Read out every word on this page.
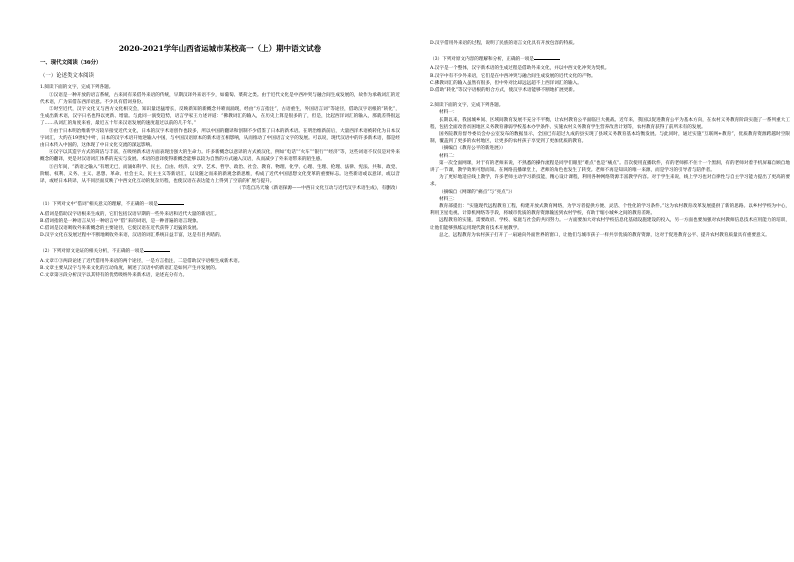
一、现代文阅读（36分）

（一）论述类文本阅读

1.阅读下面的文字，完成下列各题。

①汉语是一种开放的语言系统，古来同有采借外来语的传统，早期汉译外来语不少，如葡萄、菜荷之类。由于近代文化是中西冲突与融合间生成发展的，故作为承载词汇的近代术语，广为采借东西洋语意。不少具有借词身份。

②时至近代，汉字文化又与西方文化相交会，知识量迅猛增长，反映新知的新概念井喷而涌现，经由“方言指注”，古语重生，外国语言词“等途径，借助汉字语根的“转化”，生成出新术语，汉字日名也得以更新、增量。与此同一演变趋势，语言学家王力述评道：“佛教词汇的输入，在历史上算是很多的了，但是，比起西洋词汇的输入，那就差得很远了……从词汇的角度来看，最近五十年来汉语发展的速度超过以前的几千年。”

③由于日本明治维新学习较早接受近代文化，日本的汉字术语创作也较多，所以中国的翻译和创制不少借鉴了日本的新术语。在明治维新前后，大量西洋术语被转化为日本汉字词汇，大约在19世纪中叶，日本的汉字术语开始逆输入中国，与中国汉语原本的新术语互相影响，从而推动了中国语言文字的发展。可以说，现代汉语中的许多新术语，都是经由日本传入中国的，这体现了中日文化交流的深远影响。

④汉字以其造字方式的简洁与丰富，在吸纳新术语方面表现出强大的生命力。许多新概念以意译的方式被汉化，例如“电话”“火车”“银行”“经济”等，这些词语不仅仅是对外来概念的翻译，更是对汉语词汇体系的充实与发展。术语的意译使得新概念能够以较为自然的方式融入汉语，从而减少了外来语带来的陌生感。

⑤百年间，“新语之输入”有增无已，而涌如科学、民主、自由、经济、文学、艺术、哲学、政治、社会、教育、物理、化学、心理、生理、伦理、法律、宪法、共和、政党、阶级、权利、义务、主义、思想、革命、社会主义、民主主义等新语汇，以及随之而来的新观念新思维，构成了近代中国思想文化变革的重要标志。这些新语或以意译，或以音译，或经日本转译，从不同层面反映了中西文化互动的复杂历程，也使汉语在表达能力上得到了空前的扩展与提升。

（节选自冯天瑜《新语探源——中西日文化互动与近代汉字术语生成》，有删改）

（1）下列对文中“借词”相关意义的理解，不正确的一项是

A.借词是借助汉字语根来生成的，它们包括汉语早期的一些外来语和近代大量的新语汇。

B.借词指的是一种语言从另一种语言中“借”来的词语，是一种普遍的语言现象。

C.借词是汉语吸收外来新概念的主要途径，它使汉语在近代获得了迅猛的发展。

D.汉字文化在发展过程中不断地吸收外来语，汉语的词汇系统日益丰富，这是有目共睹的。

（2）下列对原文论证的相关分析，不正确的一项是

A.文章②③两段论述了近代借用外来语的两个途径，一是方言指注，二是借助汉字语根生成新术语。

B.文章主要从汉字与外来文化的互动角度，阐述了汉语中的新语汇是如何产生并发展的。

C.文章第④段分析汉字以其特有的优势吸纳外来新术语，论述充分有力。

2020-2021学年山西省运城市某校高一（上）期中语文试卷

D.汉字借用外来语的过程，说明了民族的语言文化具有开放包容的特质。

（3）下列对原文内容的理解和分析，正确的一项是

A.汉字是一个整体，汉字新术语的生成过程是借助外来文化，并以中西文化冲突为契机。

B.汉字中有不少外来语，它们是在中西冲突与融合间生成发展的近代文化的产物。

C.佛教词汇的输入虽然有很多，但中外对比却远远超不上西洋词汇的输入。

D.借助“转化”等汉字语根的组合方式，使汉字术语能够不断地扩展更新。

2.阅读下面的文字，完成下列各题。

材料一：

长期以来，我国城乡间、区域间教育发展不充分不平衡，让农村教育公平面临巨大挑战。近年来，我国以促进教育公平为基本方向，在农村义务教育阶段实施了一系列重大工程，包括全面改善贫困地区义务教育薄弱学校基本办学条件、实施农村义务教育学生营养改善计划等，农村教育获得了前所未有的发展。

国务院教育督导委员会办公室发布的数据显示，全国已有超过九成的县实现了县域义务教育基本均衡发展。与此同时，通过实施“互联网+教育”，优质教育资源跨越时空限制，覆盖到了更多的农村地区，让更多的农村孩子享受到了更加优质的教育。

（摘编自《教育公平的新进展》）

材料二：

第一次全面网课，对于有的老师来说，不熟悉的操作流程是同学们眼里“难点”也是“痛点”。首次使用直播软件，有的老师抓不住十一个黑洞，有的老师对着手机屏幕自顾自地讲了一节课，教学效果可想而知。在网络直播课堂上，老师的角色也发生了转变。老师不再是知识的唯一来源，而是学习的引导者与陪伴者。

为了更好地适应线上教学，许多老师主动学习新技能，精心设计课程，利用各种网络资源丰富教学内容。对于学生来说，线上学习也对自律性与自主学习能力提出了更高的要求。

（摘编自《网课的“痛点”与“亮点”》）

材料三：

教育部提出：“实施现代远程教育工程，构建开放式教育网络，为学习者提供方便、灵活、个性化的学习条件。”这为农村教育改革发展提供了新的思路。以乡村学校为中心，利用卫星电视、计算机网络等手段，将城市优质的教育资源输送到农村学校，有助于缩小城乡之间的教育差距。

远程教育的实施，需要政府、学校、家庭与社会的共同努力。一方面要加大对农村学校信息化基础设施建设的投入，另一方面也要加强对农村教师信息技术应用能力的培训，让他们能够熟练运用现代教育技术开展教学。

总之，远程教育为农村孩子打开了一扇通向外面世界的窗口，让他们与城市孩子一样共享优质的教育资源，这对于促进教育公平、提升农村教育质量具有重要意义。
